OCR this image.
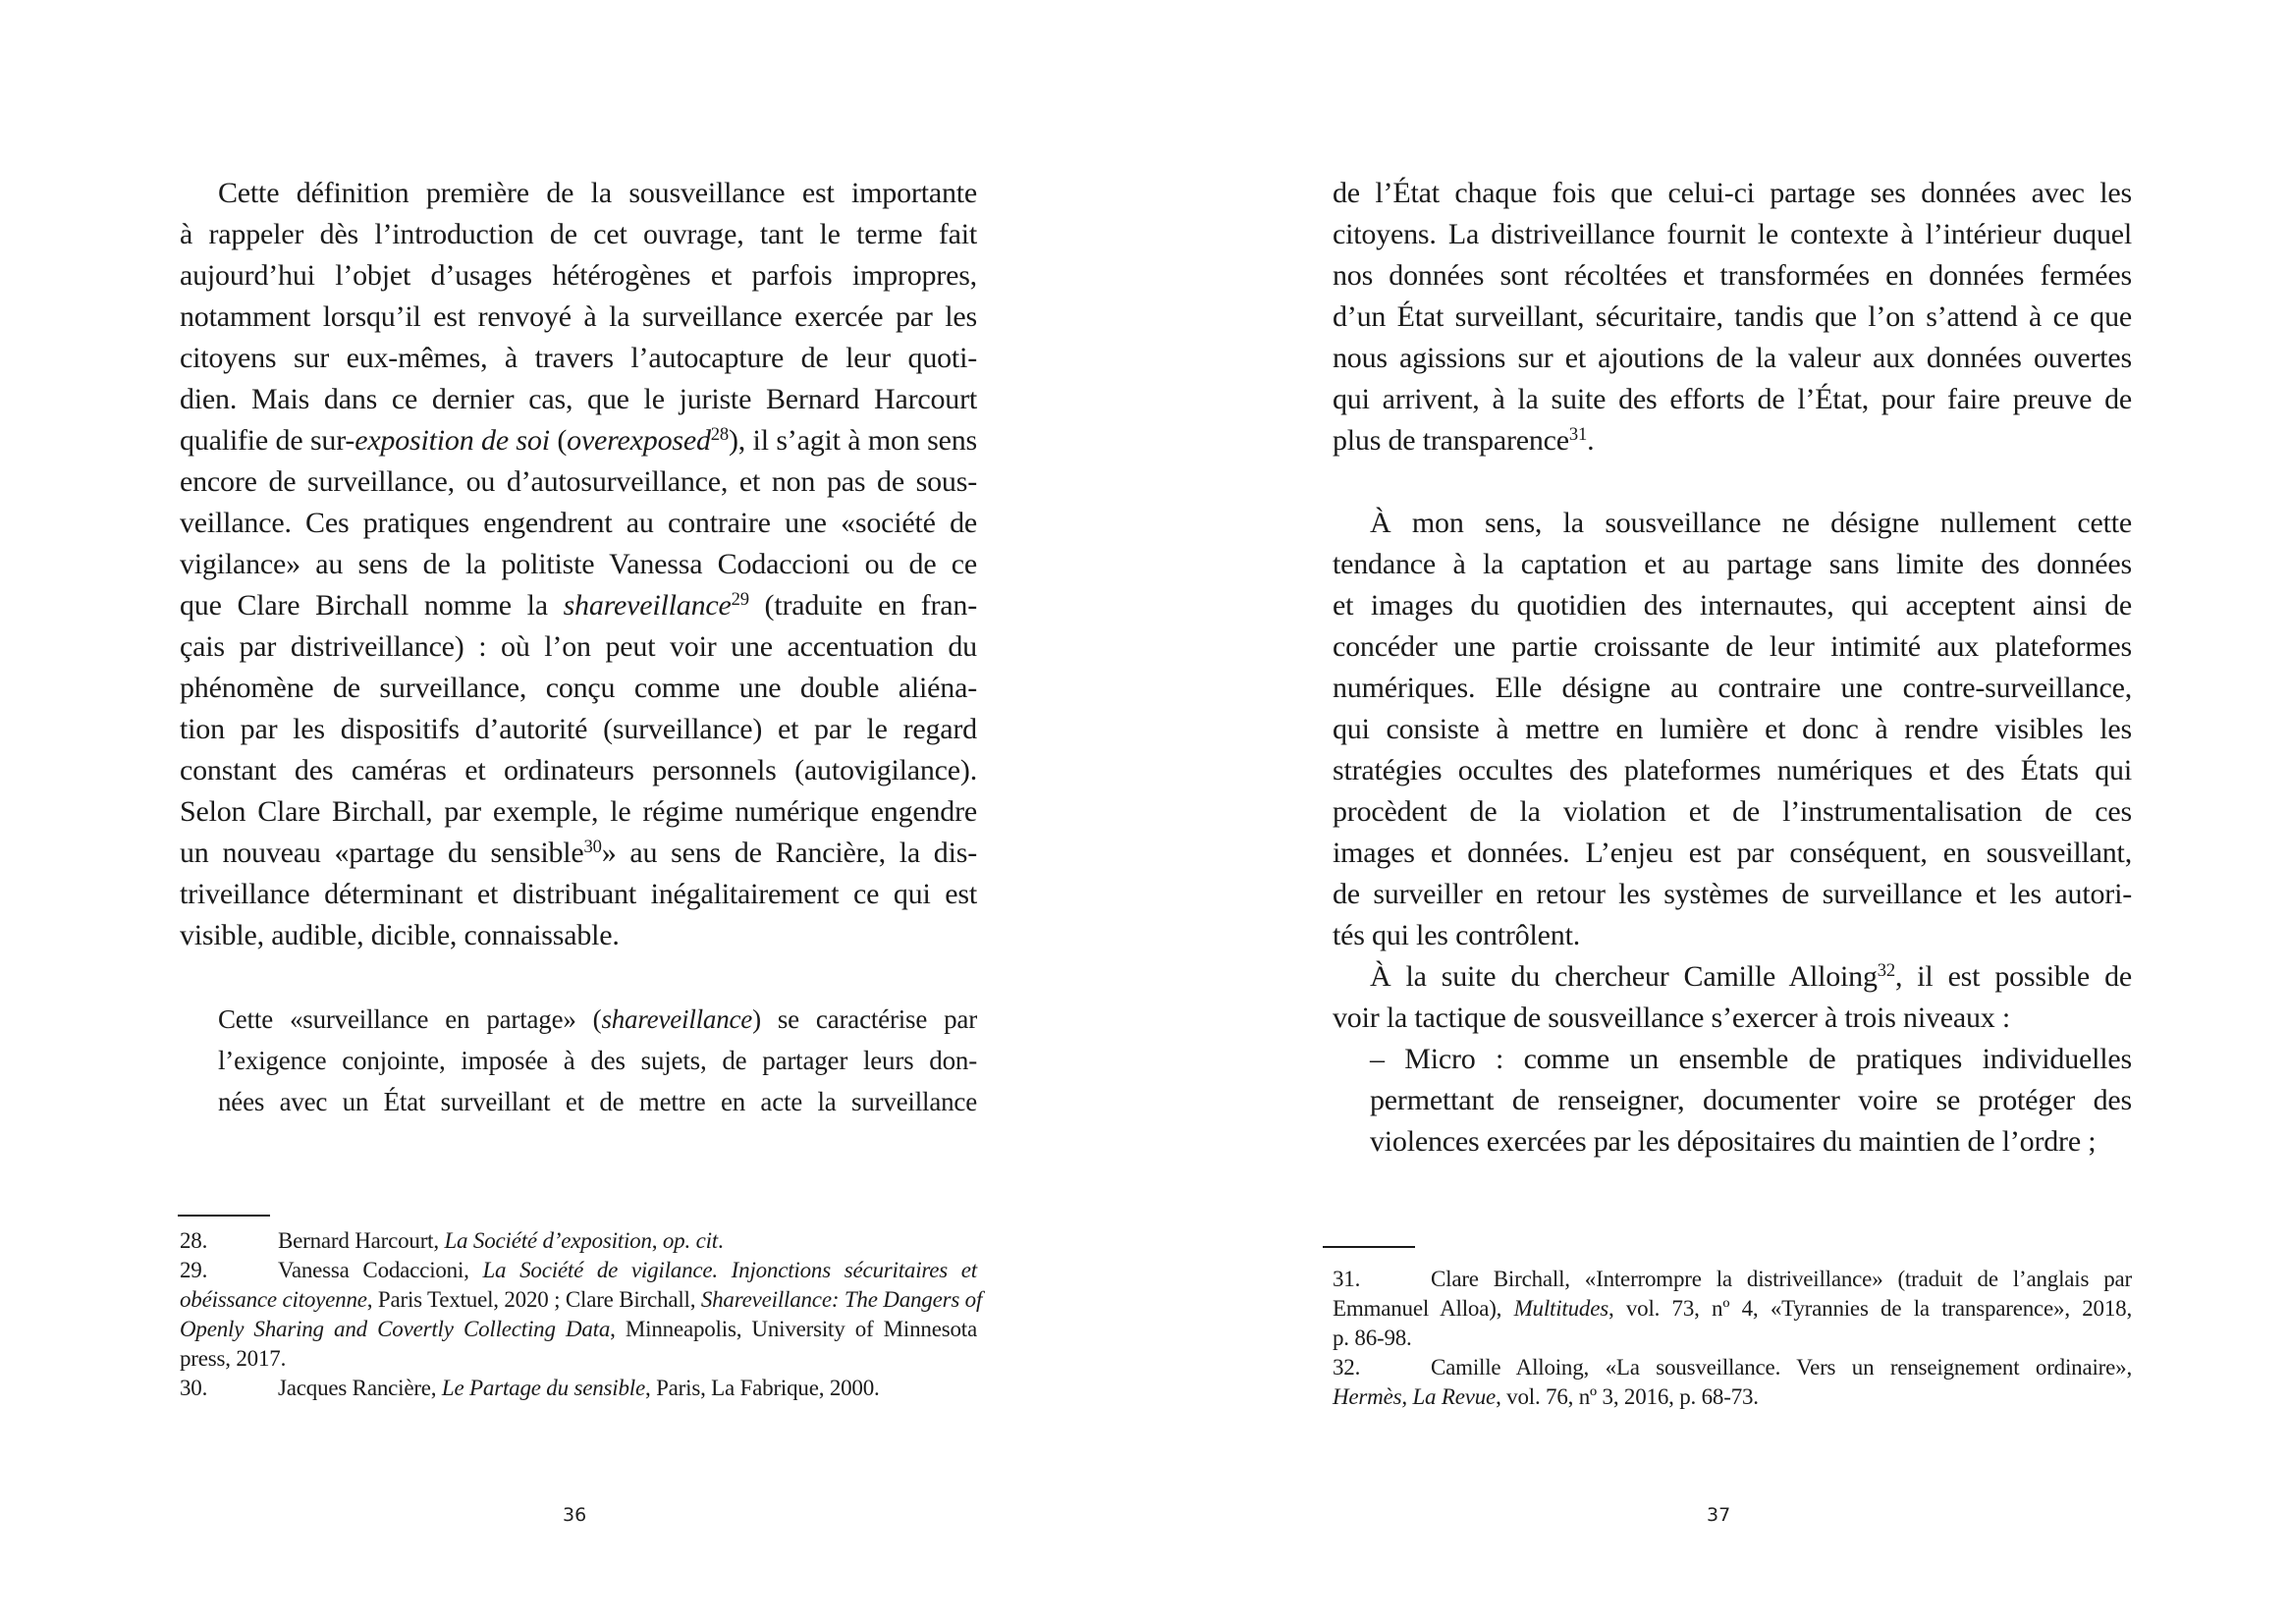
Cette définition première de la sousveillance est importante
à rappeler dès l’introduction de cet ouvrage, tant le terme fait
aujourd’hui l’objet d’usages hétérogènes et parfois impropres,
notamment lorsqu’il est renvoyé à la surveillance exercée par les
citoyens sur eux-mêmes, à travers l’autocapture de leur quoti-
dien. Mais dans ce dernier cas, que le juriste Bernard Harcourt
qualifie de sur-exposition de soi (overexposed$^{28}$), il s’agit à mon sens
encore de surveillance, ou d’autosurveillance, et non pas de sous-
veillance. Ces pratiques engendrent au contraire une «société de
vigilance» au sens de la politiste Vanessa Codaccioni ou de ce
que Clare Birchall nomme la shareveillance$^{29}$ (traduite en fran-
çais par distriveillance) : où l’on peut voir une accentuation du
phénomène de surveillance, conçu comme une double aliéna-
tion par les dispositifs d’autorité (surveillance) et par le regard
constant des caméras et ordinateurs personnels (autovigilance).
Selon Clare Birchall, par exemple, le régime numérique engendre
un nouveau «partage du sensible$^{30}$» au sens de Rancière, la dis-
triveillance déterminant et distribuant inégalitairement ce qui est
visible, audible, dicible, connaissable.
Cette «surveillance en partage» (shareveillance) se caractérise par
l’exigence conjointe, imposée à des sujets, de partager leurs don-
nées avec un État surveillant et de mettre en acte la surveillance
28.	Bernard Harcourt, La Société d’exposition, op. cit.
29.	Vanessa Codaccioni, La Société de vigilance. Injonctions sécuritaires et
obéissance citoyenne, Paris Textuel, 2020 ; Clare Birchall, Shareveillance: The Dangers of
Openly Sharing and Covertly Collecting Data, Minneapolis, University of Minnesota
press, 2017.
30.	Jacques Rancière, Le Partage du sensible, Paris, La Fabrique, 2000.
36
de l’État chaque fois que celui-ci partage ses données avec les
citoyens. La distriveillance fournit le contexte à l’intérieur duquel
nos données sont récoltées et transformées en données fermées
d’un État surveillant, sécuritaire, tandis que l’on s’attend à ce que
nous agissions sur et ajoutions de la valeur aux données ouvertes
qui arrivent, à la suite des efforts de l’État, pour faire preuve de
plus de transparence$^{31}$.
À mon sens, la sousveillance ne désigne nullement cette
tendance à la captation et au partage sans limite des données
et images du quotidien des internautes, qui acceptent ainsi de
concéder une partie croissante de leur intimité aux plateformes
numériques. Elle désigne au contraire une contre-surveillance,
qui consiste à mettre en lumière et donc à rendre visibles les
stratégies occultes des plateformes numériques et des États qui
procèdent de la violation et de l’instrumentalisation de ces
images et données. L’enjeu est par conséquent, en sousveillant,
de surveiller en retour les systèmes de surveillance et les autori-
tés qui les contrôlent.
À la suite du chercheur Camille Alloing$^{32}$, il est possible de
voir la tactique de sousveillance s’exercer à trois niveaux :
– Micro : comme un ensemble de pratiques individuelles
permettant de renseigner, documenter voire se protéger des
violences exercées par les dépositaires du maintien de l’ordre ;
31.	Clare Birchall, «Interrompre la distriveillance» (traduit de l’anglais par
Emmanuel Alloa), Multitudes, vol. 73, nº 4, «Tyrannies de la transparence», 2018,
p. 86-98.
32.	Camille Alloing, «La sousveillance. Vers un renseignement ordinaire»,
Hermès, La Revue, vol. 76, nº 3, 2016, p. 68-73.
37
